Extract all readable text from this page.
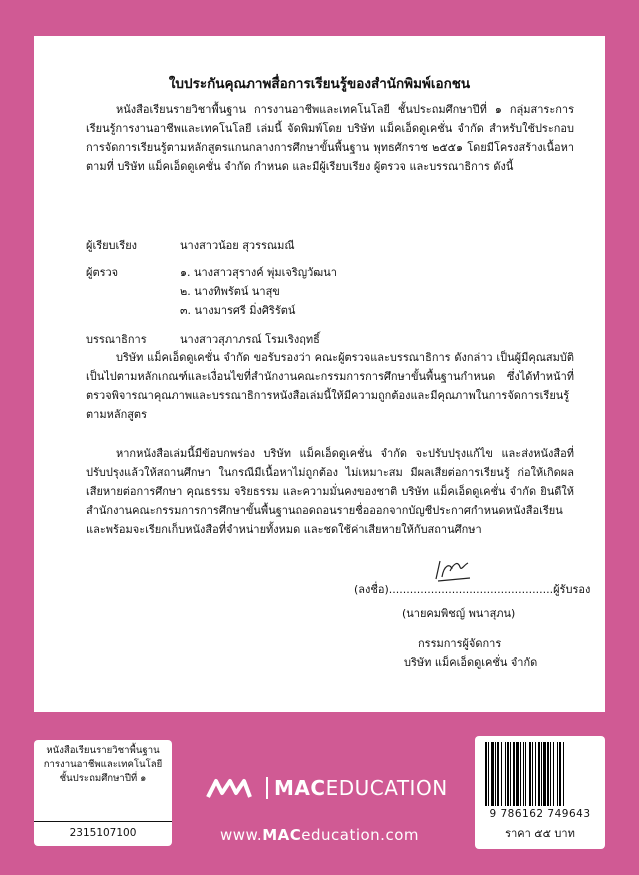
ใบประกันคุณภาพสื่อการเรียนรู้ของสำนักพิมพ์เอกชน

หนังสือเรียนรายวิชาพื้นฐาน การงานอาชีพและเทคโนโลยี ชั้นประถมศึกษาปีที่ ๑ กลุ่มสาระการเรียนรู้การงานอาชีพและเทคโนโลยี เล่มนี้ จัดพิมพ์โดย บริษัท แม็คเอ็ดดูเคชั่น จำกัด สำหรับใช้ประกอบการจัดการเรียนรู้ตามหลักสูตรแกนกลางการศึกษาขั้นพื้นฐาน พุทธศักราช ๒๕๕๑ โดยมีโครงสร้างเนื้อหาตามที่ บริษัท แม็คเอ็ดดูเคชั่น จำกัด กำหนด และมีผู้เรียบเรียง ผู้ตรวจ และบรรณาธิการ ดังนี้

ผู้เรียบเรียง	นางสาวน้อย สุวรรณมณี
ผู้ตรวจ	๑. นางสาวสุรางค์ พุ่มเจริญวัฒนา
๒. นางทิพรัตน์ นาสุข
๓. นางมารศรี มิ่งศิริรัตน์
บรรณาธิการ	นางสาวสุภาภรณ์ โรมเริงฤทธิ์

บริษัท แม็คเอ็ดดูเคชั่น จำกัด ขอรับรองว่า คณะผู้ตรวจและบรรณาธิการ ดังกล่าว เป็นผู้มีคุณสมบัติเป็นไปตามหลักเกณฑ์และเงื่อนไขที่สำนักงานคณะกรรมการการศึกษาขั้นพื้นฐานกำหนด ซึ่งได้ทำหน้าที่ตรวจพิจารณาคุณภาพและบรรณาธิการหนังสือเล่มนี้ให้มีความถูกต้องและมีคุณภาพในการจัดการเรียนรู้ตามหลักสูตร

หากหนังสือเล่มนี้มีข้อบกพร่อง บริษัท แม็คเอ็ดดูเคชั่น จำกัด จะปรับปรุงแก้ไข และส่งหนังสือที่ปรับปรุงแล้วให้สถานศึกษา ในกรณีมีเนื้อหาไม่ถูกต้อง ไม่เหมาะสม มีผลเสียต่อการเรียนรู้ ก่อให้เกิดผลเสียหายต่อการศึกษา คุณธรรม จริยธรรม และความมั่นคงของชาติ บริษัท แม็คเอ็ดดูเคชั่น จำกัด ยินดีให้สำนักงานคณะกรรมการการศึกษาขั้นพื้นฐานถอดถอนรายชื่อออกจากบัญชีประกาศกำหนดหนังสือเรียน และพร้อมจะเรียกเก็บหนังสือที่จำหน่ายทั้งหมด และชดใช้ค่าเสียหายให้กับสถานศึกษา

(ลงชื่อ)...............................................ผู้รับรอง
(นายคมพิชญ์ พนาสุภน)
กรรมการผู้จัดการ
บริษัท แม็คเอ็ดดูเคชั่น จำกัด
หนังสือเรียนรายวิชาพื้นฐาน
การงานอาชีพและเทคโนโลยี
ชั้นประถมศึกษาปีที่ ๑
2315107100
MAC EDUCATION
www.MACeducation.com
9 786162 749643
ราคา ๕๕ บาท
